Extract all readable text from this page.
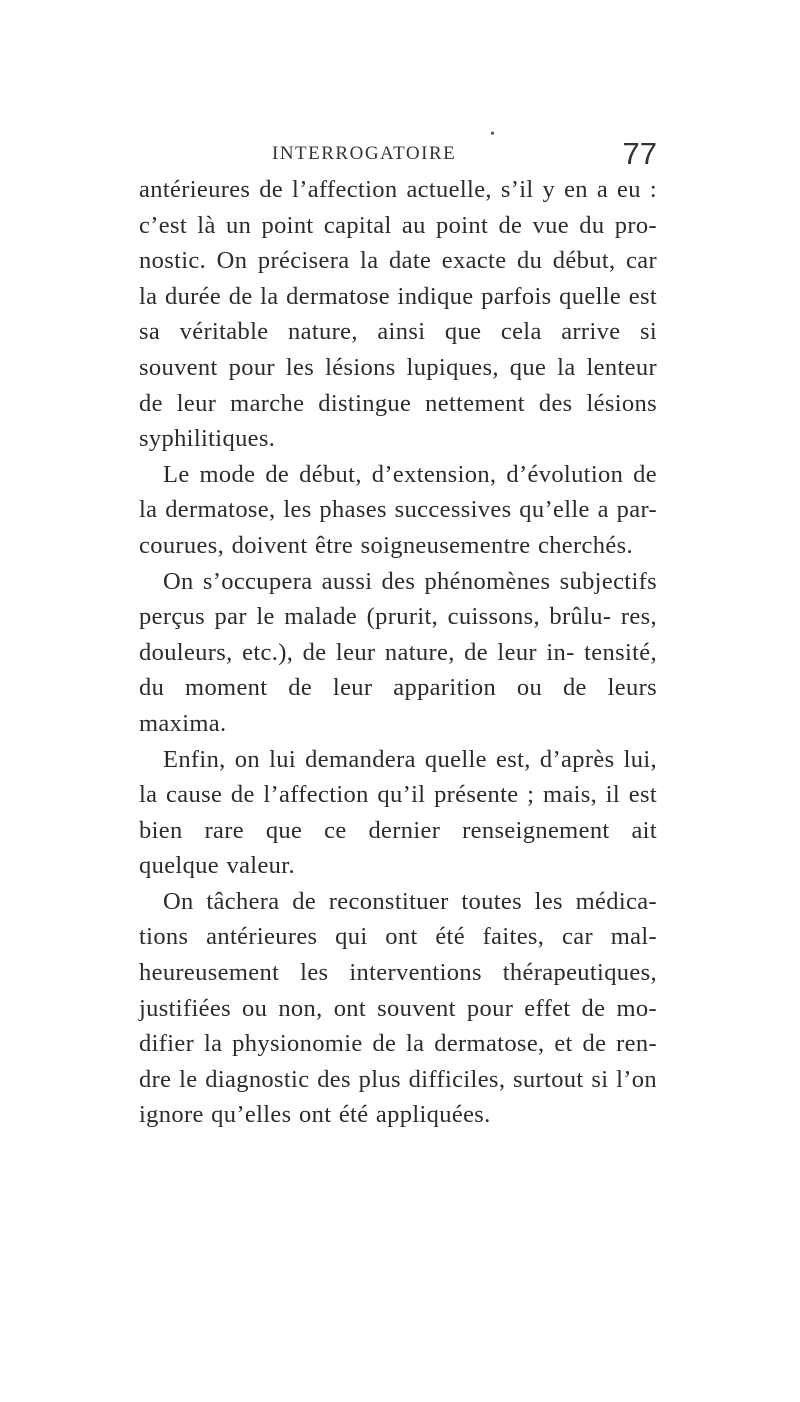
•
INTERROGATOIRE	77

antérieures de l’affection actuelle, s’il y en a eu : c’est là un point capital au point de vue du pro- nostic. On précisera la date exacte du début, car la durée de la dermatose indique parfois quelle est sa véritable nature, ainsi que cela arrive si souvent pour les lésions lupiques, que la lenteur de leur marche distingue nettement des lésions syphilitiques.

Le mode de début, d’extension, d’évolution de la dermatose, les phases successives qu’elle a par- courues, doivent être soigneusementre cherchés.

On s’occupera aussi des phénomènes subjectifs perçus par le malade (prurit, cuissons, brûlu- res, douleurs, etc.), de leur nature, de leur in- tensité, du moment de leur apparition ou de leurs maxima.

Enfin, on lui demandera quelle est, d’après lui, la cause de l’affection qu’il présente ; mais, il est bien rare que ce dernier renseignement ait quelque valeur.

On tâchera de reconstituer toutes les médica- tions antérieures qui ont été faites, car mal- heureusement les interventions thérapeutiques, justifiées ou non, ont souvent pour effet de mo- difier la physionomie de la dermatose, et de ren- dre le diagnostic des plus difficiles, surtout si l’on ignore qu’elles ont été appliquées.
